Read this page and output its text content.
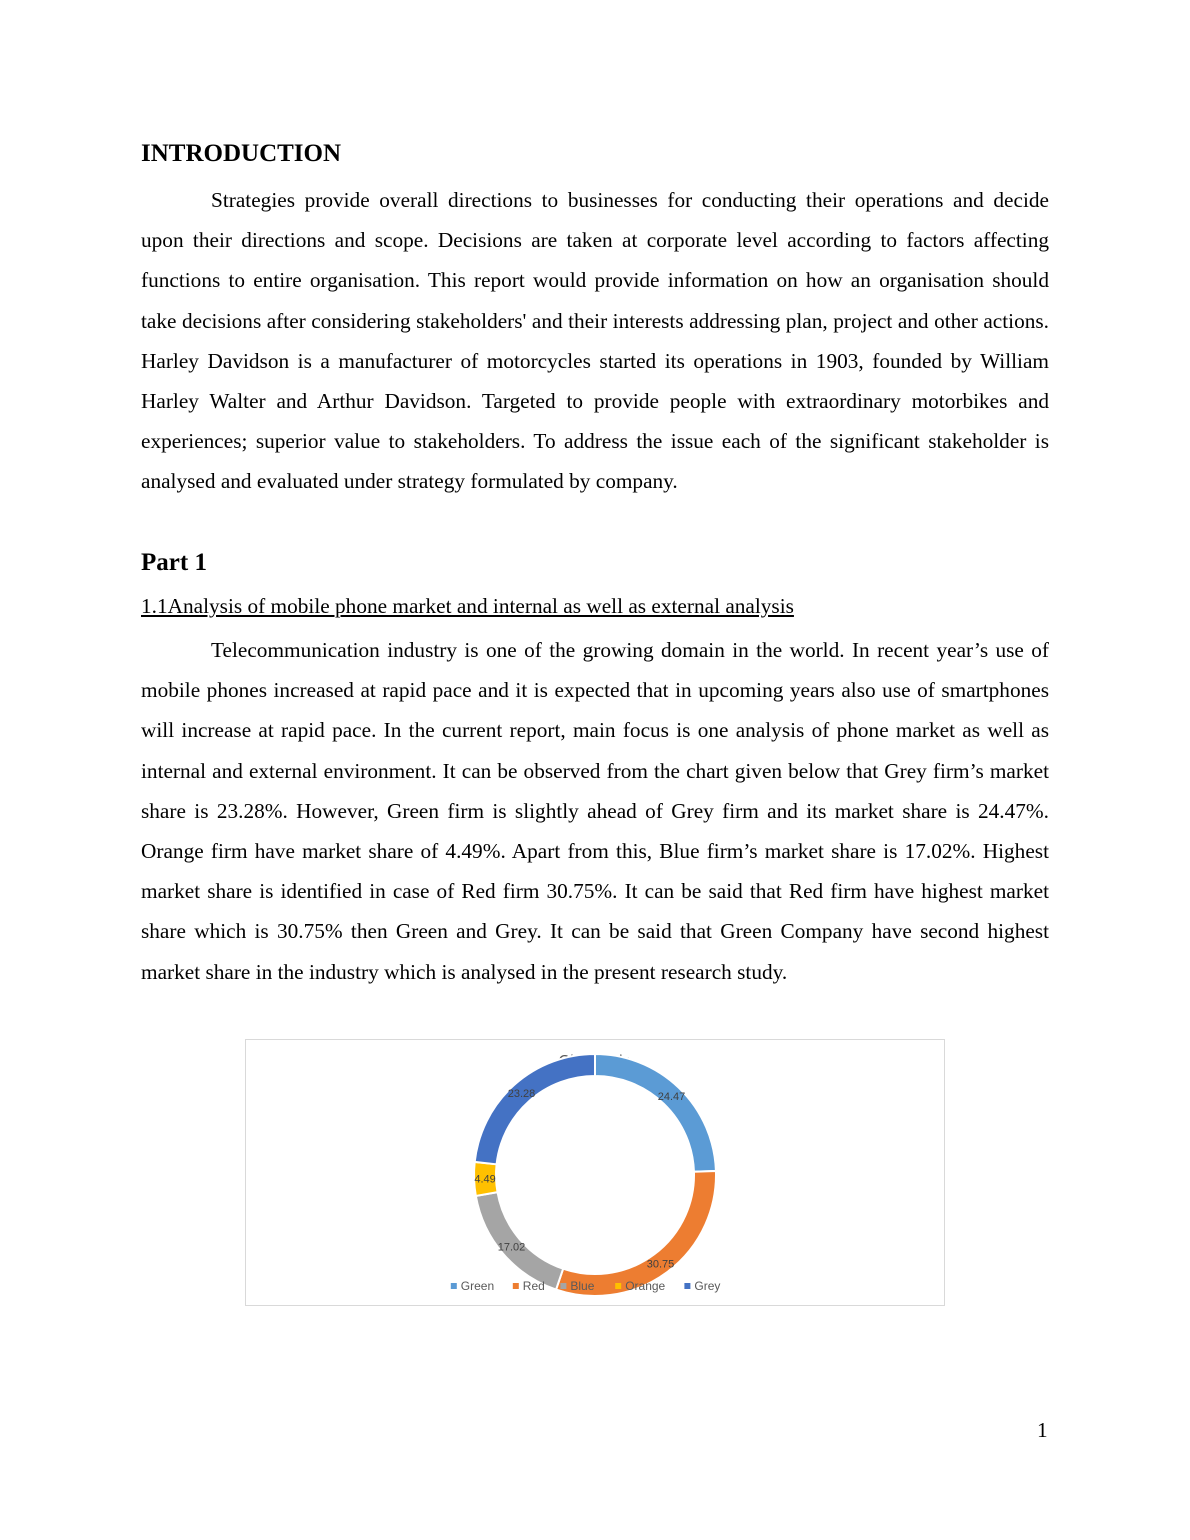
INTRODUCTION

Strategies provide overall directions to businesses for conducting their operations and decide upon their directions and scope. Decisions are taken at corporate level according to factors affecting functions to entire organisation. This report would provide information on how an organisation should take decisions after considering stakeholders' and their interests addressing plan, project and other actions. Harley Davidson is a manufacturer of motorcycles started its operations in 1903, founded by William Harley Walter and Arthur Davidson. Targeted to provide people with extraordinary motorbikes and experiences; superior value to stakeholders. To address the issue each of the significant stakeholder is analysed and evaluated under strategy formulated by company.

Part 1

1.1Analysis of mobile phone market and internal as well as external analysis

Telecommunication industry is one of the growing domain in the world. In recent year’s use of mobile phones increased at rapid pace and it is expected that in upcoming years also use of smartphones will increase at rapid pace. In the current report, main focus is one analysis of phone market as well as internal and external environment. It can be observed from the chart given below that Grey firm’s market share is 23.28%. However, Green firm is slightly ahead of Grey firm and its market share is 24.47%. Orange firm have market share of 4.49%. Apart from this, Blue firm’s market share is 17.02%. Highest market share is identified in case of Red firm 30.75%. It can be said that Red firm have highest market share which is 30.75% then Green and Grey. It can be said that Green Company have second highest market share in the industry which is analysed in the present research study.

24.47
30.75
17.02
4.49
23.28
Green Red Blue	Orange Grey
1
